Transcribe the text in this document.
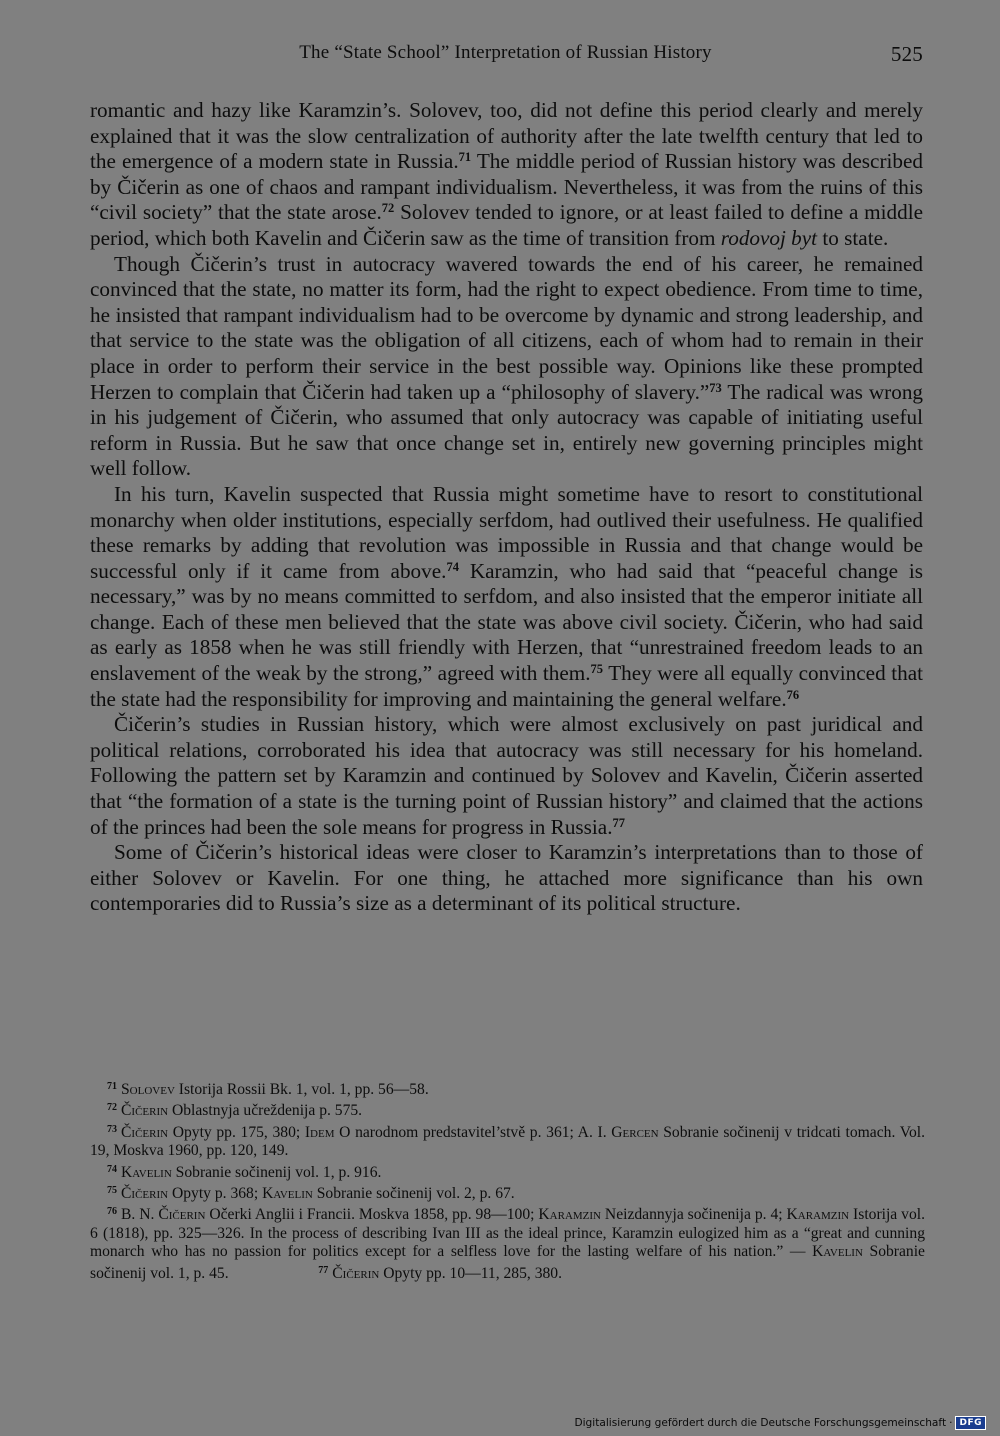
The “State School” Interpretation of Russian History	525

romantic and hazy like Karamzin’s. Solovev, too, did not define this period clearly and merely explained that it was the slow centralization of authority after the late twelfth century that led to the emergence of a modern state in Russia.$^{71}$ The middle period of Russian history was described by Čičerin as one of chaos and rampant individualism. Nevertheless, it was from the ruins of this “civil society” that the state arose.$^{72}$ Solovev tended to ignore, or at least failed to define a middle period, which both Kavelin and Čičerin saw as the time of transition from rodovoj byt to state.

Though Čičerin’s trust in autocracy wavered towards the end of his career, he remained convinced that the state, no matter its form, had the right to expect obedience. From time to time, he insisted that rampant individualism had to be overcome by dynamic and strong leadership, and that service to the state was the obligation of all citizens, each of whom had to remain in their place in order to perform their service in the best possible way. Opinions like these prompted Herzen to complain that Čičerin had taken up a “philosophy of slavery.”$^{73}$ The radical was wrong in his judgement of Čičerin, who assumed that only autocracy was capable of initiating useful reform in Russia. But he saw that once change set in, entirely new governing principles might well follow.

In his turn, Kavelin suspected that Russia might sometime have to resort to constitutional monarchy when older institutions, especially serfdom, had outlived their usefulness. He qualified these remarks by adding that revolution was impossible in Russia and that change would be successful only if it came from above.$^{74}$ Karamzin, who had said that “peaceful change is necessary,” was by no means committed to serfdom, and also insisted that the emperor initiate all change. Each of these men believed that the state was above civil society. Čičerin, who had said as early as 1858 when he was still friendly with Herzen, that “unrestrained freedom leads to an enslavement of the weak by the strong,” agreed with them.$^{75}$ They were all equally convinced that the state had the responsibility for improving and maintaining the general welfare.$^{76}$

Čičerin’s studies in Russian history, which were almost exclusively on past juridical and political relations, corroborated his idea that autocracy was still necessary for his homeland. Following the pattern set by Karamzin and continued by Solovev and Kavelin, Čičerin asserted that “the formation of a state is the turning point of Russian history” and claimed that the actions of the princes had been the sole means for progress in Russia.$^{77}$

Some of Čičerin’s historical ideas were closer to Karamzin’s interpretations than to those of either Solovev or Kavelin. For one thing, he attached more significance than his own contemporaries did to Russia’s size as a determinant of its political structure.

$^{71}$ Solovev Istorija Rossii Bk. 1, vol. 1, pp. 56—58.

$^{72}$ Čičerin Oblastnyja učreždenija p. 575.

$^{73}$ Čičerin Opyty pp. 175, 380; Idem O narodnom predstavitel’stvě p. 361; A. I. Gercen Sobranie sočinenij v tridcati tomach. Vol. 19, Moskva 1960, pp. 120, 149.

$^{74}$ Kavelin Sobranie sočinenij vol. 1, p. 916.

$^{75}$ Čičerin Opyty p. 368; Kavelin Sobranie sočinenij vol. 2, p. 67.

$^{76}$ B. N. Čičerin Očerki Anglii i Francii. Moskva 1858, pp. 98—100; Karamzin Neizdannyja sočinenija p. 4; Karamzin Istorija vol. 6 (1818), pp. 325—326. In the process of describing Ivan III as the ideal prince, Karamzin eulogized him as a “great and cunning monarch who has no passion for politics except for a selfless love for the lasting welfare of his nation.” — Kavelin Sobranie sočinenij vol. 1, p. 45.       $^{77}$ Čičerin Opyty pp. 10—11, 285, 380.

Digitalisierung gefördert durch die Deutsche Forschungsgemeinschaft · DFG
